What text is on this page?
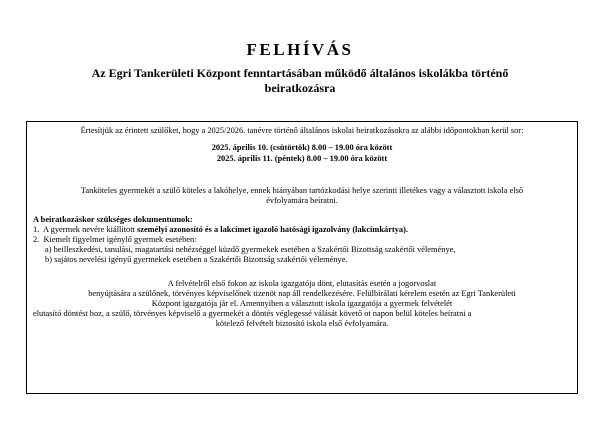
FELHÍVÁS
Az Egri Tankerületi Központ fenntartásában működő általános iskolákba történő
beiratkozásra
Értesítjük az érintett szülőket, hogy a 2025/2026. tanévre történő általános iskolai beiratkozásokra az alábbi időpontokban kerül sor:
2025. április 10. (csütörtök) 8.00 – 19.00 óra között
2025. április 11. (péntek) 8.00 – 19.00 óra között
Tanköteles gyermekét a szülő köteles a lakóhelye, ennek hiányában tartózkodási helye szerinti illetékes vagy a választott iskola első
évfolyamára beíratni.
A beiratkozáskor szükséges dokumentumok:
1.  A gyermek nevére kiállított személyi azonosító és a lakcímet igazoló hatósági igazolvány (lakcímkártya).
2.  Kiemelt figyelmet igénylő gyermek esetében:
a) beilleszkedési, tanulási, magatartási nehézséggel küzdő gyermekek esetében a Szakértői Bizottság szakértői véleménye,
b) sajátos nevelési igényű gyermekek esetében a Szakértői Bizottság szakértői véleménye.
A felvételről első fokon az iskola igazgatója dönt, elutasítás esetén a jogorvoslat
benyújtására a szülőnek, törvényes képviselőnek tizenöt nap áll rendelkezésére. Felülbírálati kérelem esetén az Egri Tankerületi
Központ igazgatója jár el. Amennyiben a választott iskola igazgatója a gyermek felvételét
elutasító döntést hoz, a szülő, törvényes képviselő a gyermekét a döntés véglegessé válását követő ot napon belül köteles beíratni a
kötelező felvételt biztosító iskola első évfolyamára.
